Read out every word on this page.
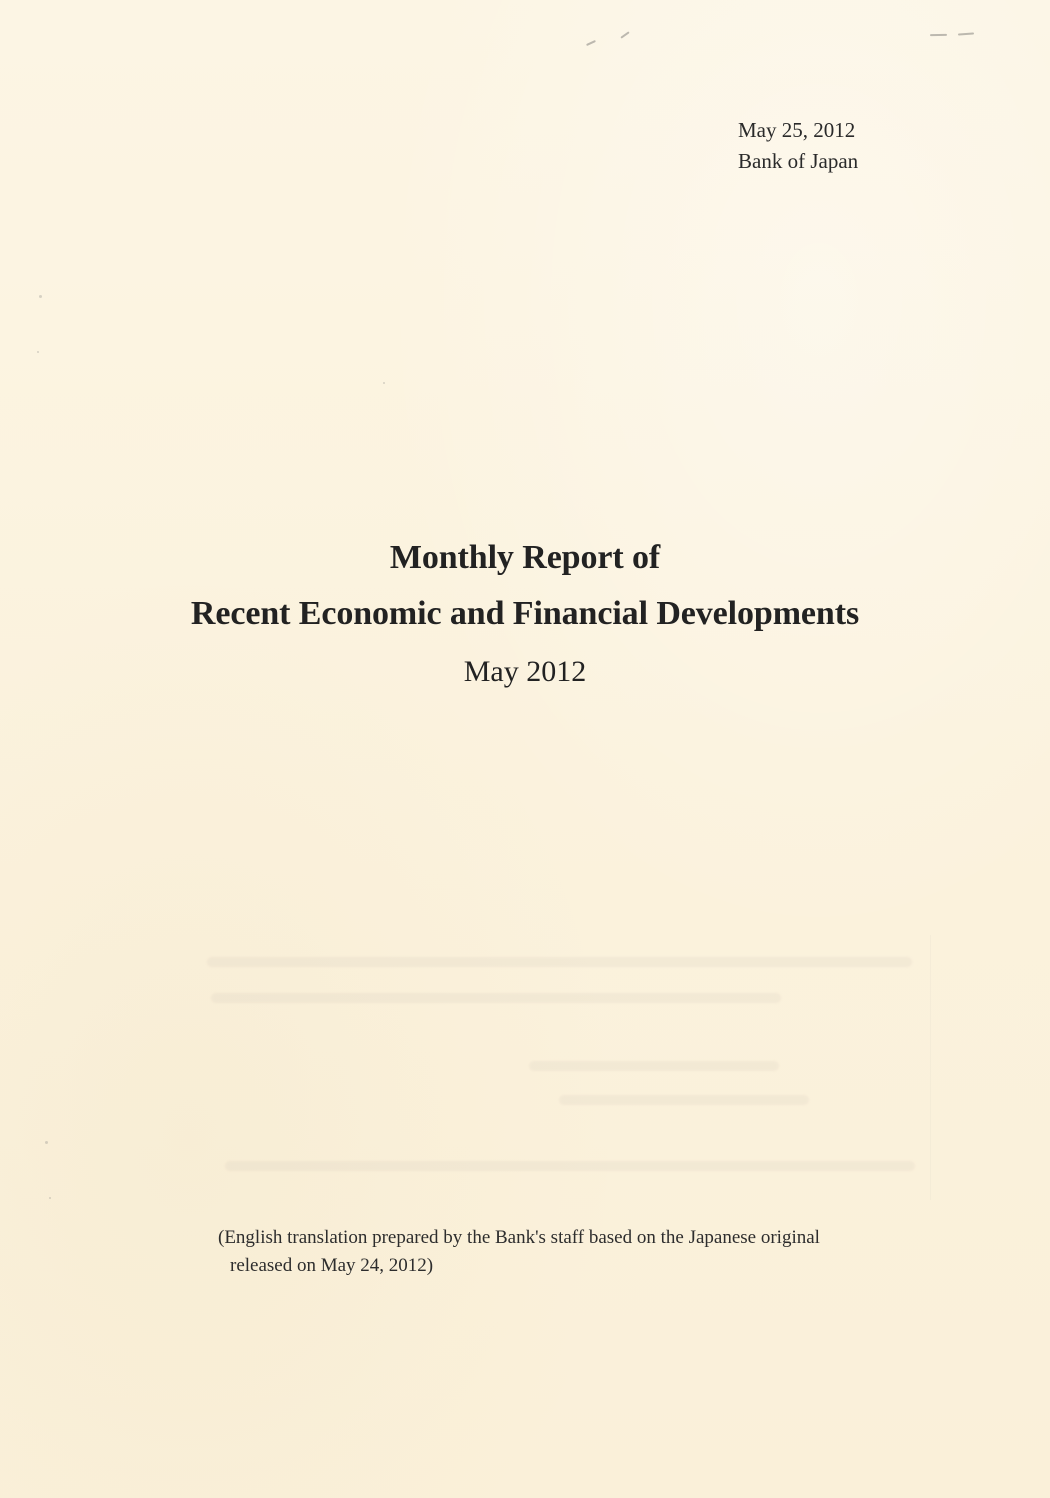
May 25, 2012
Bank of Japan
Monthly Report of
Recent Economic and Financial Developments
May 2012
(English translation prepared by the Bank's staff based on the Japanese original
released on May 24, 2012)
